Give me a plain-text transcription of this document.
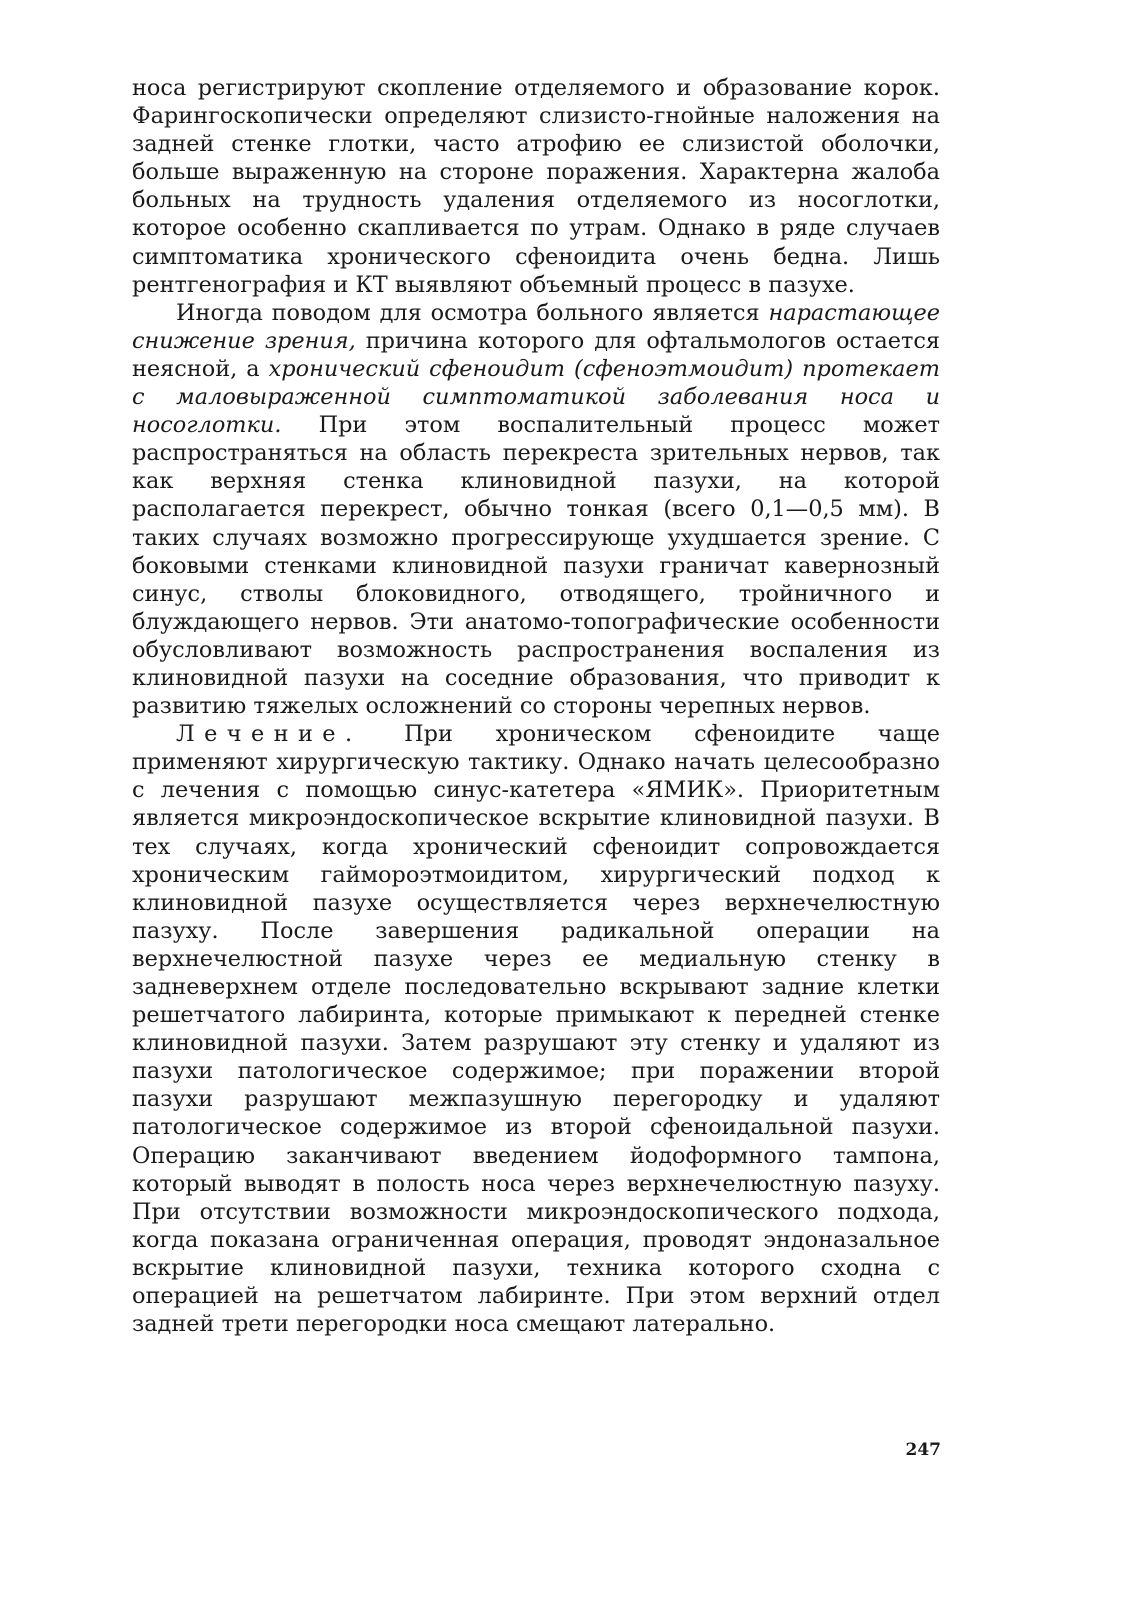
носа регистрируют скопление отделяемого и образование корок. Фарингоскопически определяют слизисто-гнойные наложения на задней стенке глотки, часто атрофию ее слизистой оболочки, больше выраженную на стороне поражения. Характерна жалоба больных на трудность удаления отделяемого из носоглотки, которое особенно скапливается по утрам. Однако в ряде случаев симптоматика хронического сфеноидита очень бедна. Лишь рентгенография и КТ выявляют объемный процесс в пазухе.

Иногда поводом для осмотра больного является нарастающее снижение зрения, причина которого для офтальмологов остается неясной, а хронический сфеноидит (сфеноэтмоидит) протекает с маловыраженной симптоматикой заболевания носа и носоглотки. При этом воспалительный процесс может распространяться на область перекреста зрительных нервов, так как верхняя стенка клиновидной пазухи, на которой располагается перекрест, обычно тонкая (всего 0,1—0,5 мм). В таких случаях возможно прогрессирующе ухудшается зрение. С боковыми стенками клиновидной пазухи граничат кавернозный синус, стволы блоковидного, отводящего, тройничного и блуждающего нервов. Эти анатомо-топографические особенности обусловливают возможность распространения воспаления из клиновидной пазухи на соседние образования, что приводит к развитию тяжелых осложнений со стороны черепных нервов.

Лечение. При хроническом сфеноидите чаще применяют хирургическую тактику. Однако начать целесообразно с лечения с помощью синус-катетера «ЯМИК». Приоритетным является микроэндоскопическое вскрытие клиновидной пазухи. В тех случаях, когда хронический сфеноидит сопровождается хроническим гаймороэтмоидитом, хирургический подход к клиновидной пазухе осуществляется через верхнечелюстную пазуху. После завершения радикальной операции на верхнечелюстной пазухе через ее медиальную стенку в задневерхнем отделе последовательно вскрывают задние клетки решетчатого лабиринта, которые примыкают к передней стенке клиновидной пазухи. Затем разрушают эту стенку и удаляют из пазухи патологическое содержимое; при поражении второй пазухи разрушают межпазушную перегородку и удаляют патологическое содержимое из второй сфеноидальной пазухи. Операцию заканчивают введением йодоформного тампона, который выводят в полость носа через верхнечелюстную пазуху. При отсутствии возможности микроэндоскопического подхода, когда показана ограниченная операция, проводят эндоназальное вскрытие клиновидной пазухи, техника которого сходна с операцией на решетчатом лабиринте. При этом верхний отдел задней трети перегородки носа смещают латерально.

247
